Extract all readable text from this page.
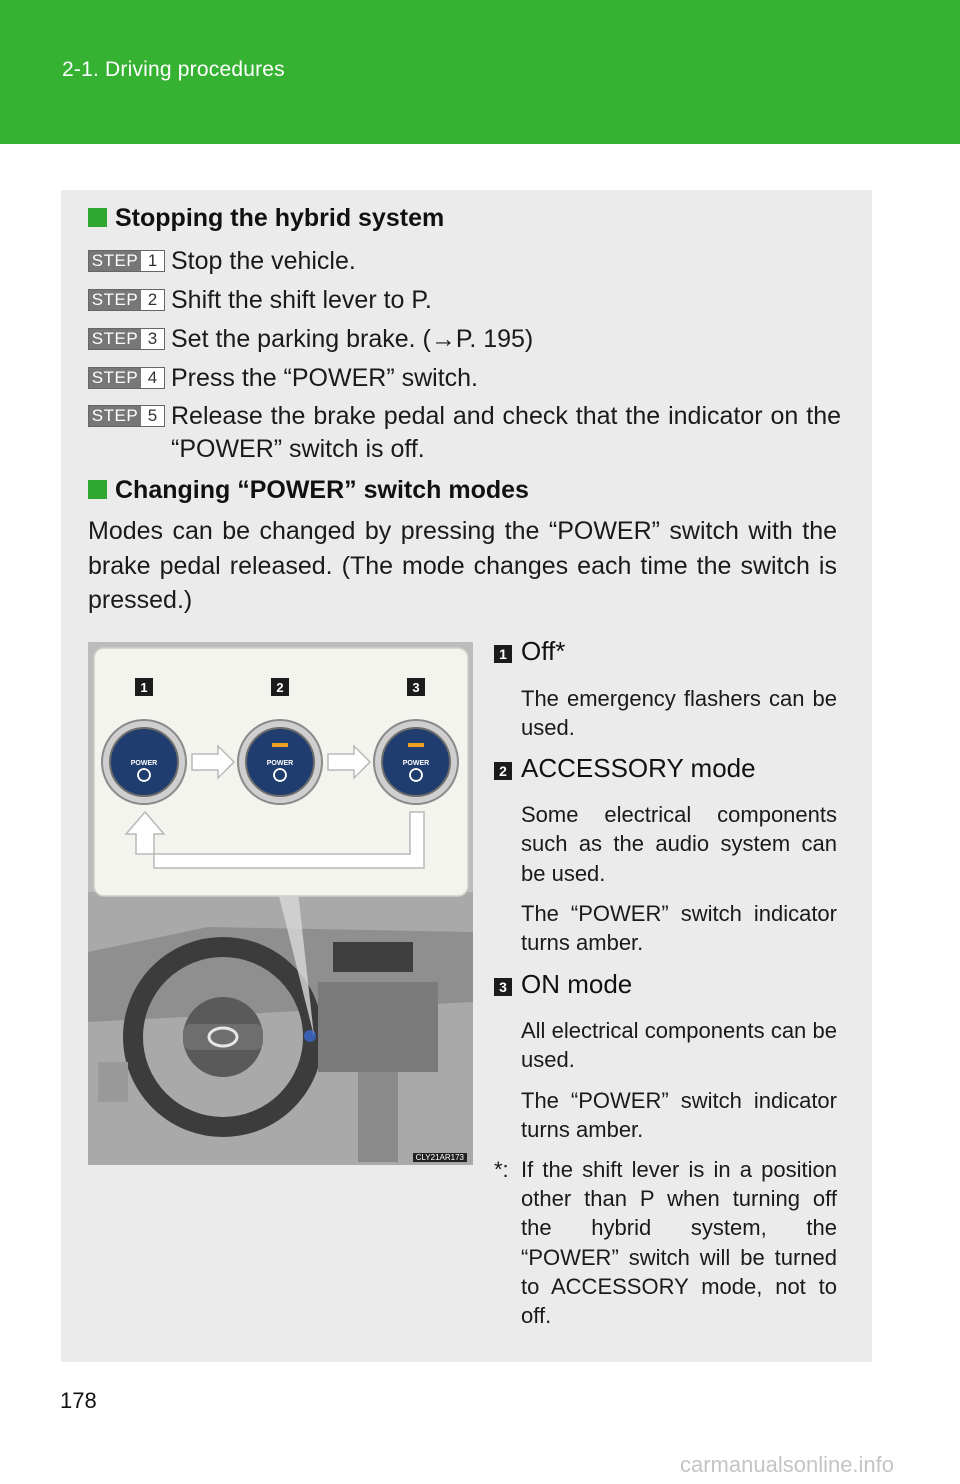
2-1. Driving procedures
Stopping the hybrid system
STEP 1 Stop the vehicle.
STEP 2 Shift the shift lever to P.
STEP 3 Set the parking brake. (→P. 195)
STEP 4 Press the “POWER” switch.
STEP 5 Release the brake pedal and check that the indicator on the “POWER” switch is off.
Changing “POWER” switch modes
Modes can be changed by pressing the “POWER” switch with the brake pedal released. (The mode changes each time the switch is pressed.)
1	2	3
POWER	POWER	POWER
CLY21AR173
1 Off*
The emergency flashers can be used.
2 ACCESSORY mode
Some electrical components such as the audio system can be used.
The “POWER” switch indicator turns amber.
3 ON mode
All electrical components can be used.
The “POWER” switch indicator turns amber.
*: If the shift lever is in a position other than P when turning off the hybrid system, the “POWER” switch will be turned to ACCESSORY mode, not to off.
178
carmanualsonline.info
